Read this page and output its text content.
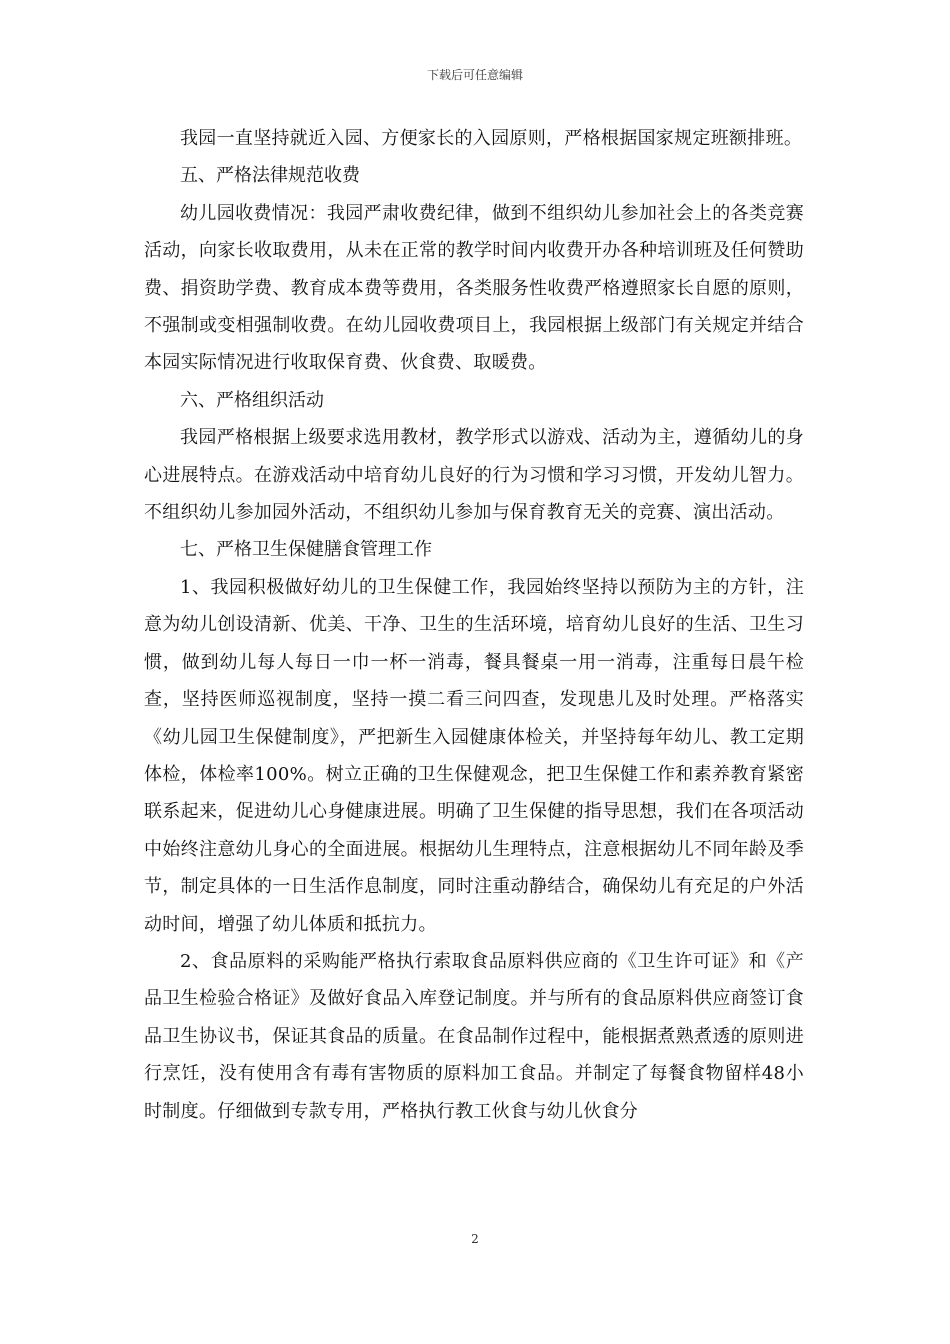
下载后可任意编辑

我园一直坚持就近入园、方便家长的入园原则，严格根据国家规定班额排班。

五、严格法律规范收费

幼儿园收费情况：我园严肃收费纪律，做到不组织幼儿参加社会上的各类竞赛活动，向家长收取费用，从未在正常的教学时间内收费开办各种培训班及任何赞助费、捐资助学费、教育成本费等费用，各类服务性收费严格遵照家长自愿的原则，不强制或变相强制收费。在幼儿园收费项目上，我园根据上级部门有关规定并结合本园实际情况进行收取保育费、伙食费、取暖费。

六、严格组织活动

我园严格根据上级要求选用教材，教学形式以游戏、活动为主，遵循幼儿的身心进展特点。在游戏活动中培育幼儿良好的行为习惯和学习习惯，开发幼儿智力。不组织幼儿参加园外活动，不组织幼儿参加与保育教育无关的竞赛、演出活动。

七、严格卫生保健膳食管理工作

1、我园积极做好幼儿的卫生保健工作，我园始终坚持以预防为主的方针，注意为幼儿创设清新、优美、干净、卫生的生活环境，培育幼儿良好的生活、卫生习惯，做到幼儿每人每日一巾一杯一消毒，餐具餐桌一用一消毒，注重每日晨午检查，坚持医师巡视制度，坚持一摸二看三问四查，发现患儿及时处理。严格落实《幼儿园卫生保健制度》，严把新生入园健康体检关，并坚持每年幼儿、教工定期体检，体检率100%。树立正确的卫生保健观念，把卫生保健工作和素养教育紧密联系起来，促进幼儿心身健康进展。明确了卫生保健的指导思想，我们在各项活动中始终注意幼儿身心的全面进展。根据幼儿生理特点，注意根据幼儿不同年龄及季节，制定具体的一日生活作息制度，同时注重动静结合，确保幼儿有充足的户外活动时间，增强了幼儿体质和抵抗力。

2、食品原料的采购能严格执行索取食品原料供应商的《卫生许可证》和《产品卫生检验合格证》及做好食品入库登记制度。并与所有的食品原料供应商签订食品卫生协议书，保证其食品的质量。在食品制作过程中，能根据煮熟煮透的原则进行烹饪，没有使用含有毒有害物质的原料加工食品。并制定了每餐食物留样48小时制度。仔细做到专款专用，严格执行教工伙食与幼儿伙食分

2
